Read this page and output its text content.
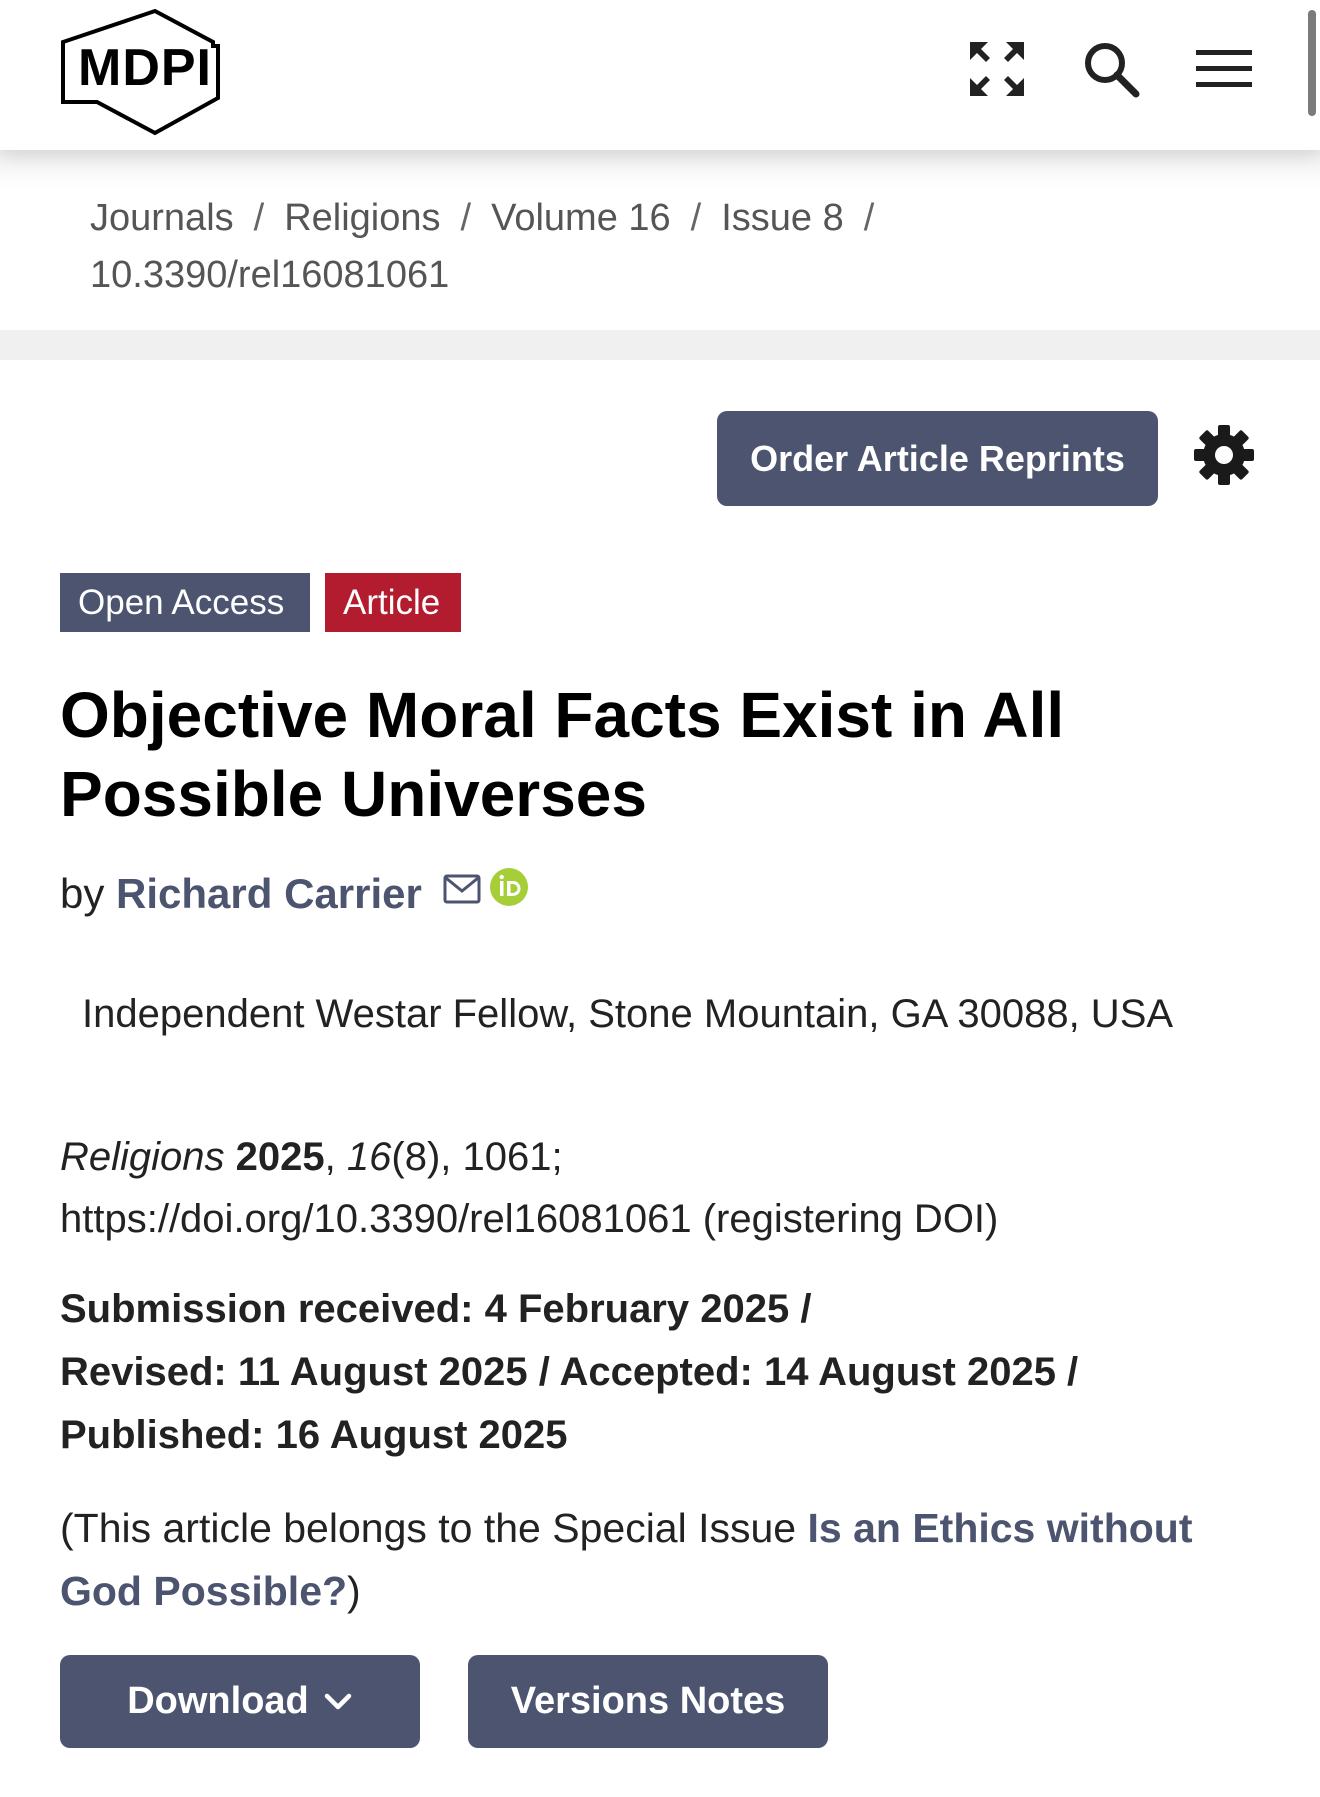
MDPI
Journals / Religions / Volume 16 / Issue 8 /
10.3390/rel16081061
Order Article Reprints
Open Access	Article
Objective Moral Facts Exist in All Possible Universes
by Richard Carrier
Independent Westar Fellow, Stone Mountain, GA 30088, USA
Religions 2025, 16(8), 1061;
https://doi.org/10.3390/rel16081061 (registering DOI)
Submission received: 4 February 2025 /
Revised: 11 August 2025 / Accepted: 14 August 2025 /
Published: 16 August 2025
(This article belongs to the Special Issue Is an Ethics without God Possible?)
Download	Versions Notes
